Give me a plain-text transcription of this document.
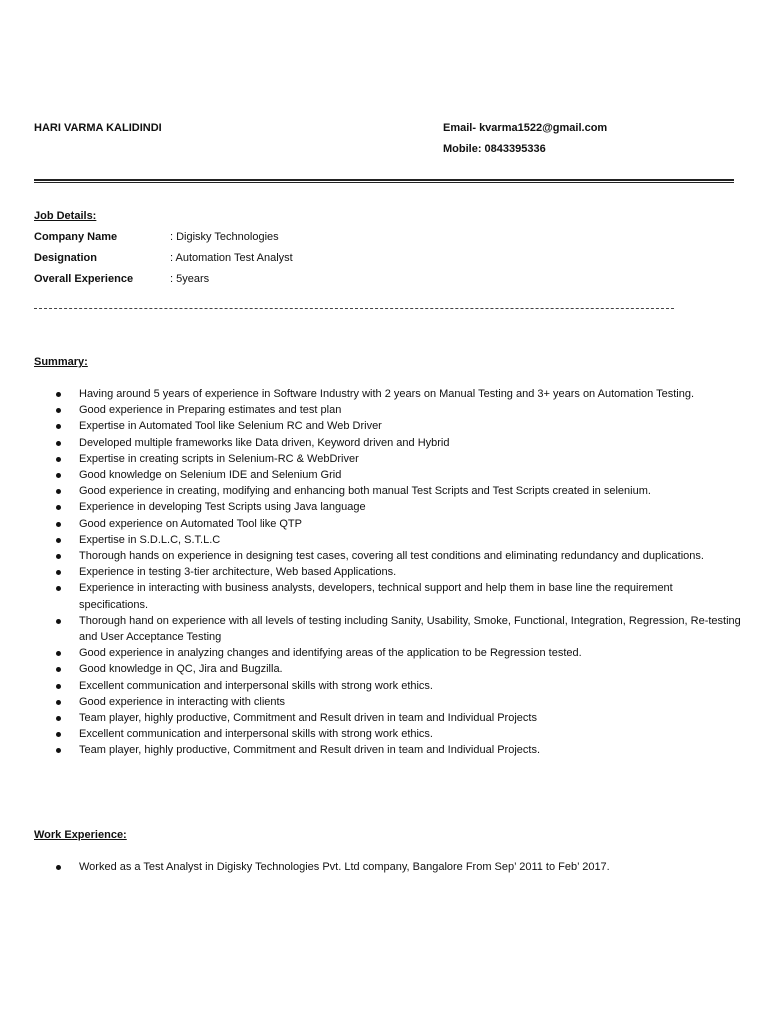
HARI VARMA KALIDINDI	Email- kvarma1522@gmail.com
Mobile: 0843395336
Job Details:
Company Name	: Digisky Technologies
Designation	: Automation Test Analyst
Overall Experience	: 5years
Summary:
Having around 5 years of experience in Software Industry with 2 years on Manual Testing and 3+ years on Automation Testing.
Good experience in Preparing estimates and test plan
Expertise in Automated Tool like Selenium RC and Web Driver
Developed multiple frameworks like Data driven, Keyword driven and Hybrid
Expertise in creating scripts in Selenium-RC & WebDriver
Good knowledge on Selenium IDE and Selenium Grid
Good experience in creating, modifying and enhancing both manual Test Scripts and Test Scripts created in selenium.
Experience in developing Test Scripts using Java language
Good experience on Automated Tool like QTP
Expertise in S.D.L.C, S.T.L.C
Thorough hands on experience in designing test cases, covering all test conditions and eliminating redundancy and duplications.
Experience in testing 3-tier architecture, Web based Applications.
Experience in interacting with business analysts, developers, technical support and help them in base line the requirement specifications.
Thorough hand on experience with all levels of testing including Sanity, Usability, Smoke, Functional, Integration, Regression, Re-testing and User Acceptance Testing
Good experience in analyzing changes and identifying areas of the application to be Regression tested.
Good knowledge in QC, Jira and Bugzilla.
Excellent communication and interpersonal skills with strong work ethics.
Good experience in interacting with clients
Team player, highly productive, Commitment and Result driven in team and Individual Projects
Excellent communication and interpersonal skills with strong work ethics.
Team player, highly productive, Commitment and Result driven in team and Individual Projects.
Work Experience:
Worked as a Test Analyst in Digisky Technologies Pvt. Ltd company, Bangalore From Sep’ 2011 to Feb’ 2017.
